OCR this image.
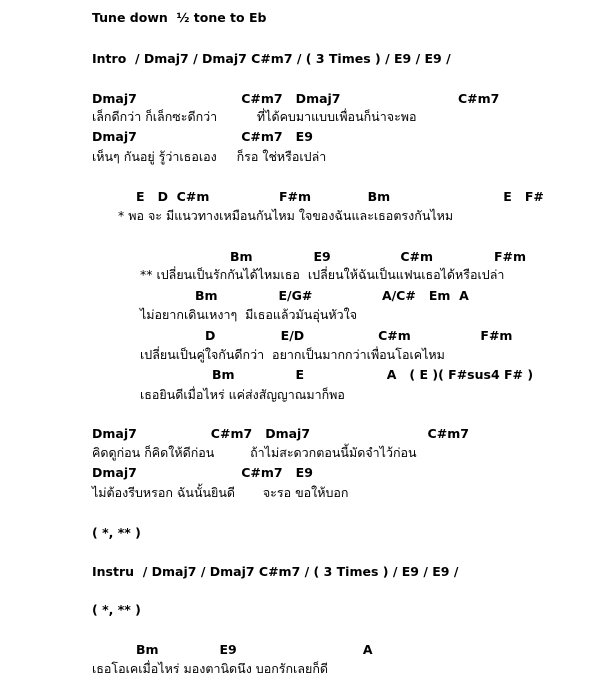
Tune down  ½ tone to Eb
Intro  / Dmaj7 / Dmaj7 C#m7 / ( 3 Times ) / E9 / E9 /
Dmaj7                        C#m7   Dmaj7                           C#m7
เล็กดีกว่า ก็เล็กซะดีกว่า          ที่ได้คบมาแบบเพื่อนก็น่าจะพอ
Dmaj7                        C#m7   E9
เห็นๆ กันอยู่ รู้ว่าเธอเอง     ก็รอ ใช่หรือเปล่า
E   D  C#m                F#m             Bm                          E   F#
* พอ จะ มีแนวทางเหมือนกันไหม ใจของฉันและเธอตรงกันไหม
Bm              E9                C#m              F#m
** เปลี่ยนเป็นรักกันได้ไหมเธอ  เปลี่ยนให้ฉันเป็นแฟนเธอได้หรือเปล่า
Bm              E/G#                A/C#   Em  A
ไม่อยากเดินเหงาๆ  มีเธอแล้วมันอุ่นหัวใจ
D               E/D                 C#m                F#m
เปลี่ยนเป็นคู่ใจกันดีกว่า  อยากเป็นมากกว่าเพื่อนโอเคไหม
Bm              E                   A   ( E )( F#sus4 F# )
เธอยินดีเมื่อไหร่ แค่ส่งสัญญาณมาก็พอ
Dmaj7                 C#m7   Dmaj7                           C#m7
คิดดูก่อน ก็คิดให้ดีก่อน         ถ้าไม่สะดวกตอนนี้มัดจำไว้ก่อน
Dmaj7                        C#m7   E9
ไม่ต้องรีบหรอก ฉันนั้นยินดี       จะรอ ขอให้บอก
( *, ** )
Instru  / Dmaj7 / Dmaj7 C#m7 / ( 3 Times ) / E9 / E9 /
( *, ** )
Bm              E9                             A
เธอโอเคเมื่อไหร่ มองตานิดนึง บอกรักเลยก็ดี
